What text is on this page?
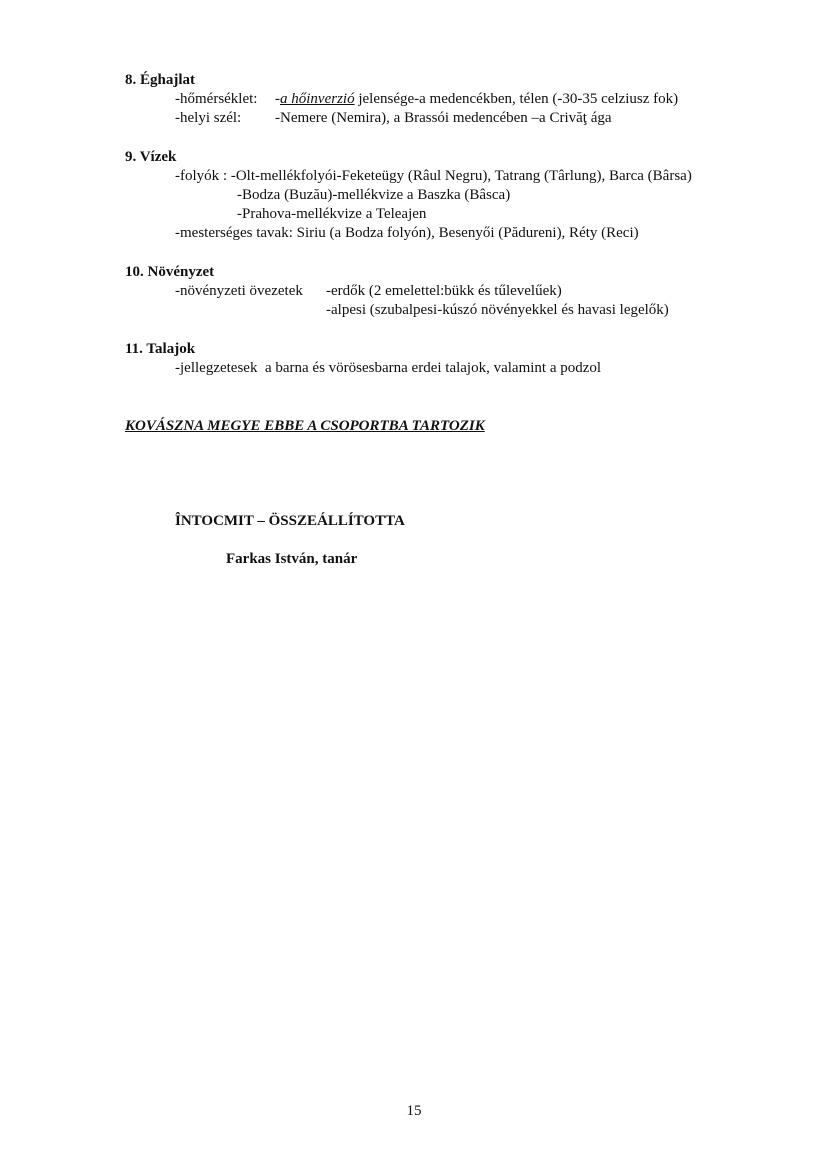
8. Éghajlat
-hőmérséklet: -a hőinverzió jelensége-a medencékben, télen (-30-35 celziusz fok)
-helyi szél: -Nemere (Nemira), a Brassói medencében –a Crivăţ ága
9. Vízek
-folyók : -Olt-mellékfolyói-Feketeügy (Râul Negru), Tatrang (Târlung), Barca (Bârsa)
-Bodza (Buzău)-mellékvize a Baszka (Bâsca)
-Prahova-mellékvize a Teleajen
-mesterséges tavak: Siriu (a Bodza folyón), Besenyői (Pădureni), Réty (Reci)
10. Növényzet
-növényzeti övezetek -erdők (2 emelettel:bükk és tűlevelűek)
-alpesi (szubalpesi-kúszó növényekkel és havasi legelők)
11. Talajok
-jellegzetesek a barna és vörösesbarna erdei talajok, valamint a podzol
KOVÁSZNA MEGYE EBBE A CSOPORTBA TARTOZIK
ÎNTOCMIT – ÖSSZEÁLLÍTOTTA
Farkas István, tanár
15
